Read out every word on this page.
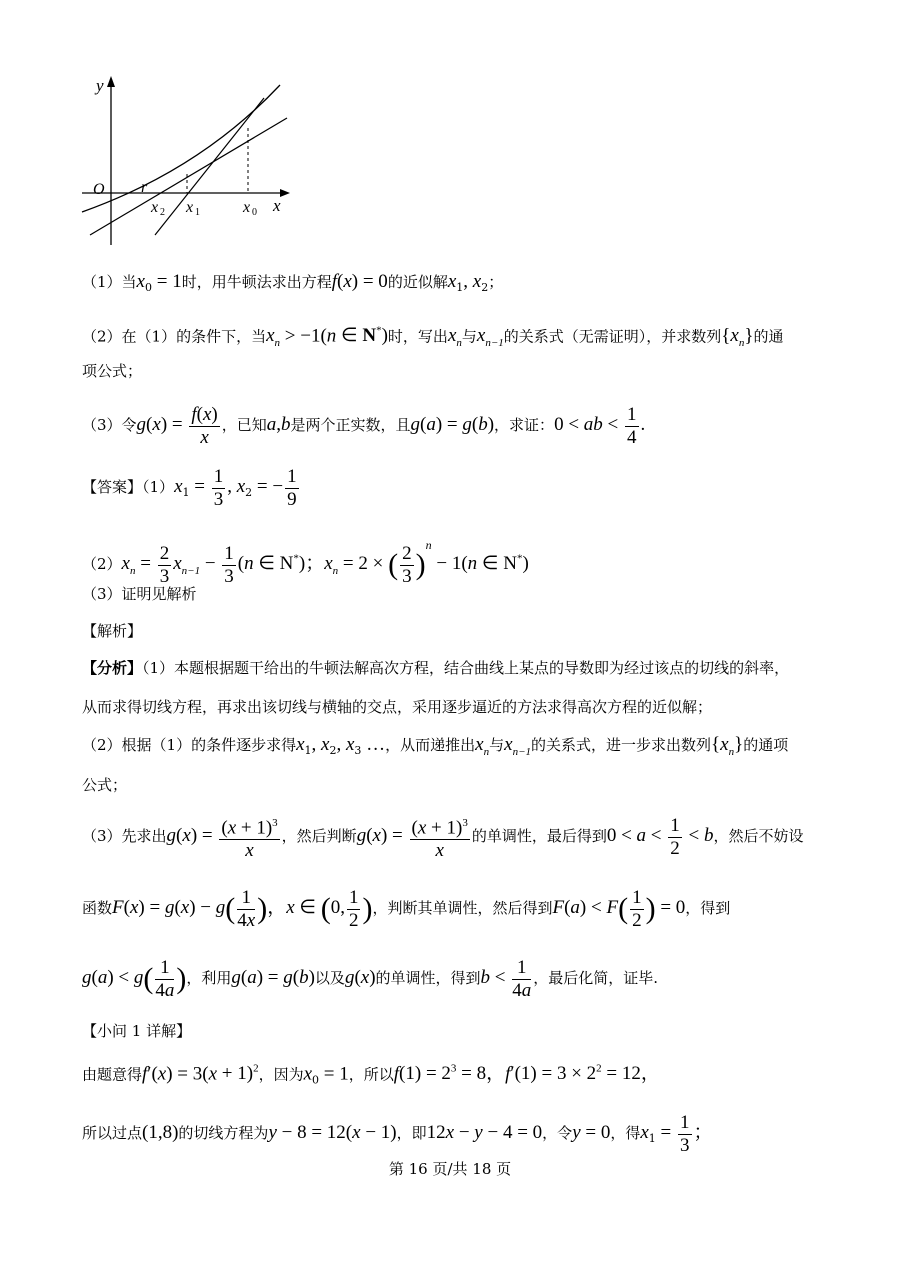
y
O r
x 2 x 1	x 0 x
（1）当$x_0 = 1$时，用牛顿法求出方程f(x) = 0的近似解$x_1$, $x_2$；
（2）在（1）的条件下，当$x_n > -1(n$ ∈ N*)时，写出$x_n$与$x_{n-1}$的关系式（无需证明），并求数列$\{x_n\}$的通
项公式；
（3）令$g(x) = \frac{f(x)}{x}$ ，已知a,b是两个正实数，且g(a) = g(b)，求证：0 < ab < $\frac{1}{4}$ .
【答案】$(1)x_1 = \frac{1}{3}$ , $x_2$ = − $\frac{1}{9}$
$(2)x_n = \frac{2}{3} x_{n-1} - \frac{1}{3} (n$ ∈ N*)；$x_n = 2$ × ( $\frac{2}{3} )^n - 1(n$ ∈ N*)
（3）证明见解析
【解析】
【分析】（1）本题根据题干给出的牛顿法解高次方程，结合曲线上某点的导数即为经过该点的切线的斜率，
从而求得切线方程，再求出该切线与横轴的交点，采用逐步逼近的方法求得高次方程的近似解；
（2）根据（1）的条件逐步求得$x_1$, $x_2$, $x_3$ …，从而递推出$x_n$与$x_{n-1}$的关系式，进一步求出数列$\{x_n\}$的通项
公式；
（3）先求出$g(x) = \frac{(x + 1)^3}{x}$ ，然后判断$g(x) = \frac{(x + 1)^3}{x}$ 的单调性，最后得到$0 < a < \frac{1}{2} < b$，然后不妨设
函数$F(x) = g(x) - g( \frac{1}{4x}$ )，x ∈ (0, $\frac{1}{2}$ )，判断其单调性，然后得到$F(a) < F( \frac{1}{2}$ ) = 0，得到
$g(a) < g( \frac{1}{4a}$ )，利用g(a) = g(b)以及g(x)的单调性，得到$b < \frac{1}{4a}$ ，最后化简，证毕.
【小问 1 详解】
由题意得$f'(x) = 3(x + 1)^2$，因为$x_0 = 1$，所以$f(1) = 2^3 = 8$，$f'(1) = 3 \times 2^2 = 12$，
所以过点(1,8)的切线方程为y − 8 = 12(x − 1)，即12x − y − 4 = 0，令y = 0，得$x_1 = \frac{1}{3}$ ；
第 16 页/共 18 页
